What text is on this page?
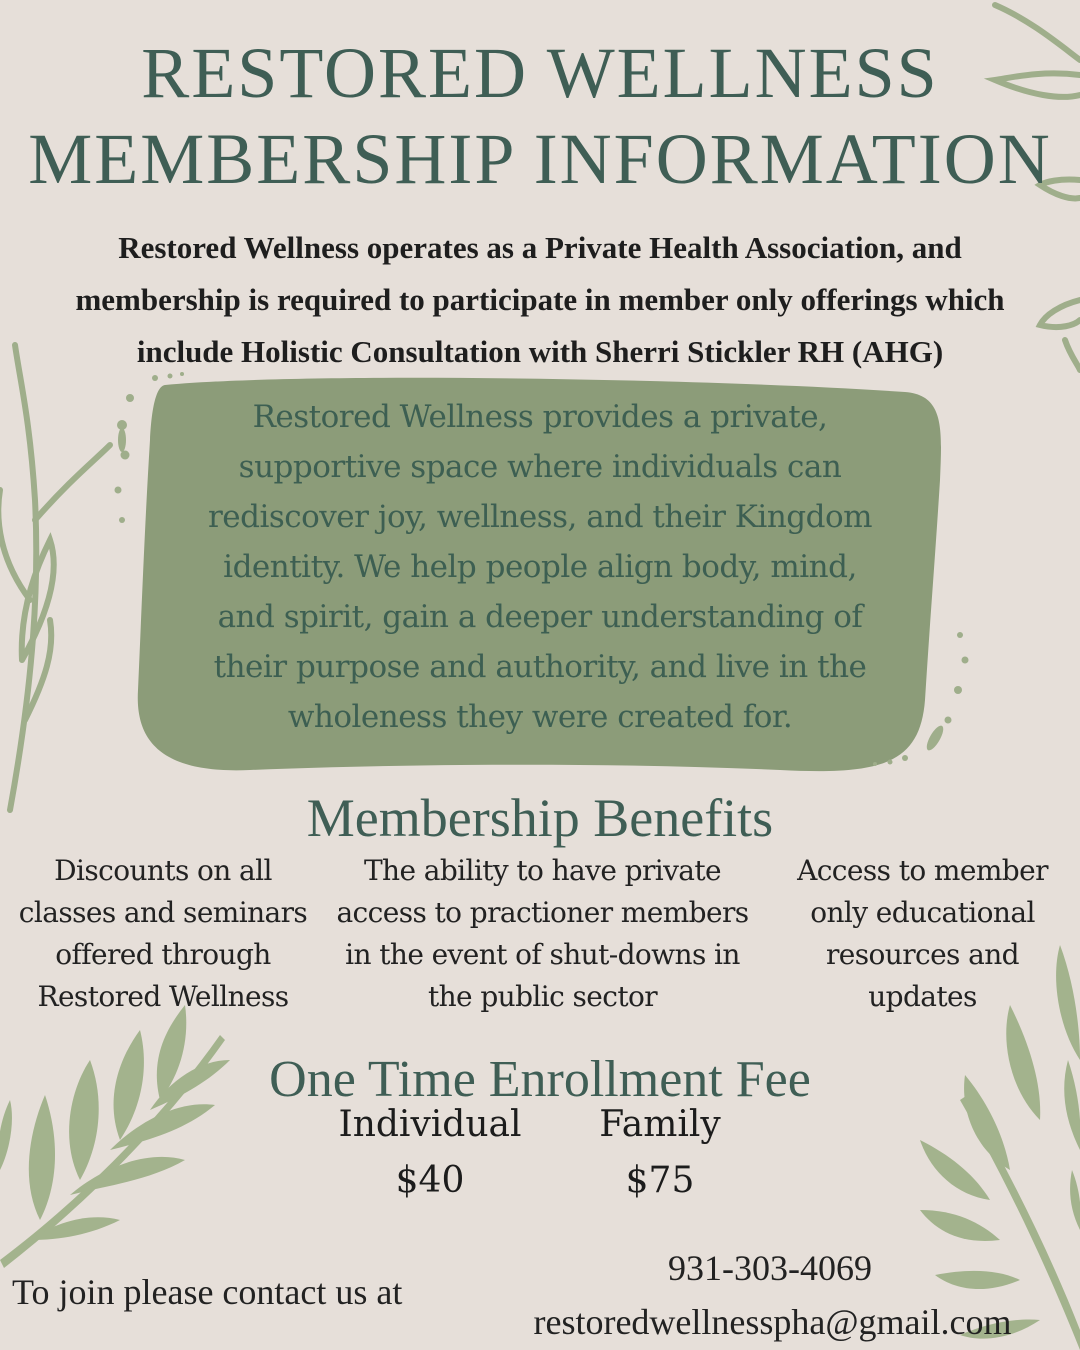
RESTORED WELLNESS
MEMBERSHIP INFORMATION

Restored Wellness operates as a Private Health Association, and
membership is required to participate in member only offerings which
include Holistic Consultation with Sherri Stickler RH (AHG)

Restored Wellness provides a private,
supportive space where individuals can
rediscover joy, wellness, and their Kingdom
identity. We help people align body, mind,
and spirit, gain a deeper understanding of
their purpose and authority, and live in the
wholeness they were created for.

Membership Benefits

Discounts on all
classes and seminars
offered through
Restored Wellness

The ability to have private
access to practioner members
in the event of shut-downs in
the public sector

Access to member
only educational
resources and
updates

One Time Enrollment Fee

Individual	Family

$40	$75

To join please contact us at

931-303-4069

restoredwellnesspha@gmail.com
